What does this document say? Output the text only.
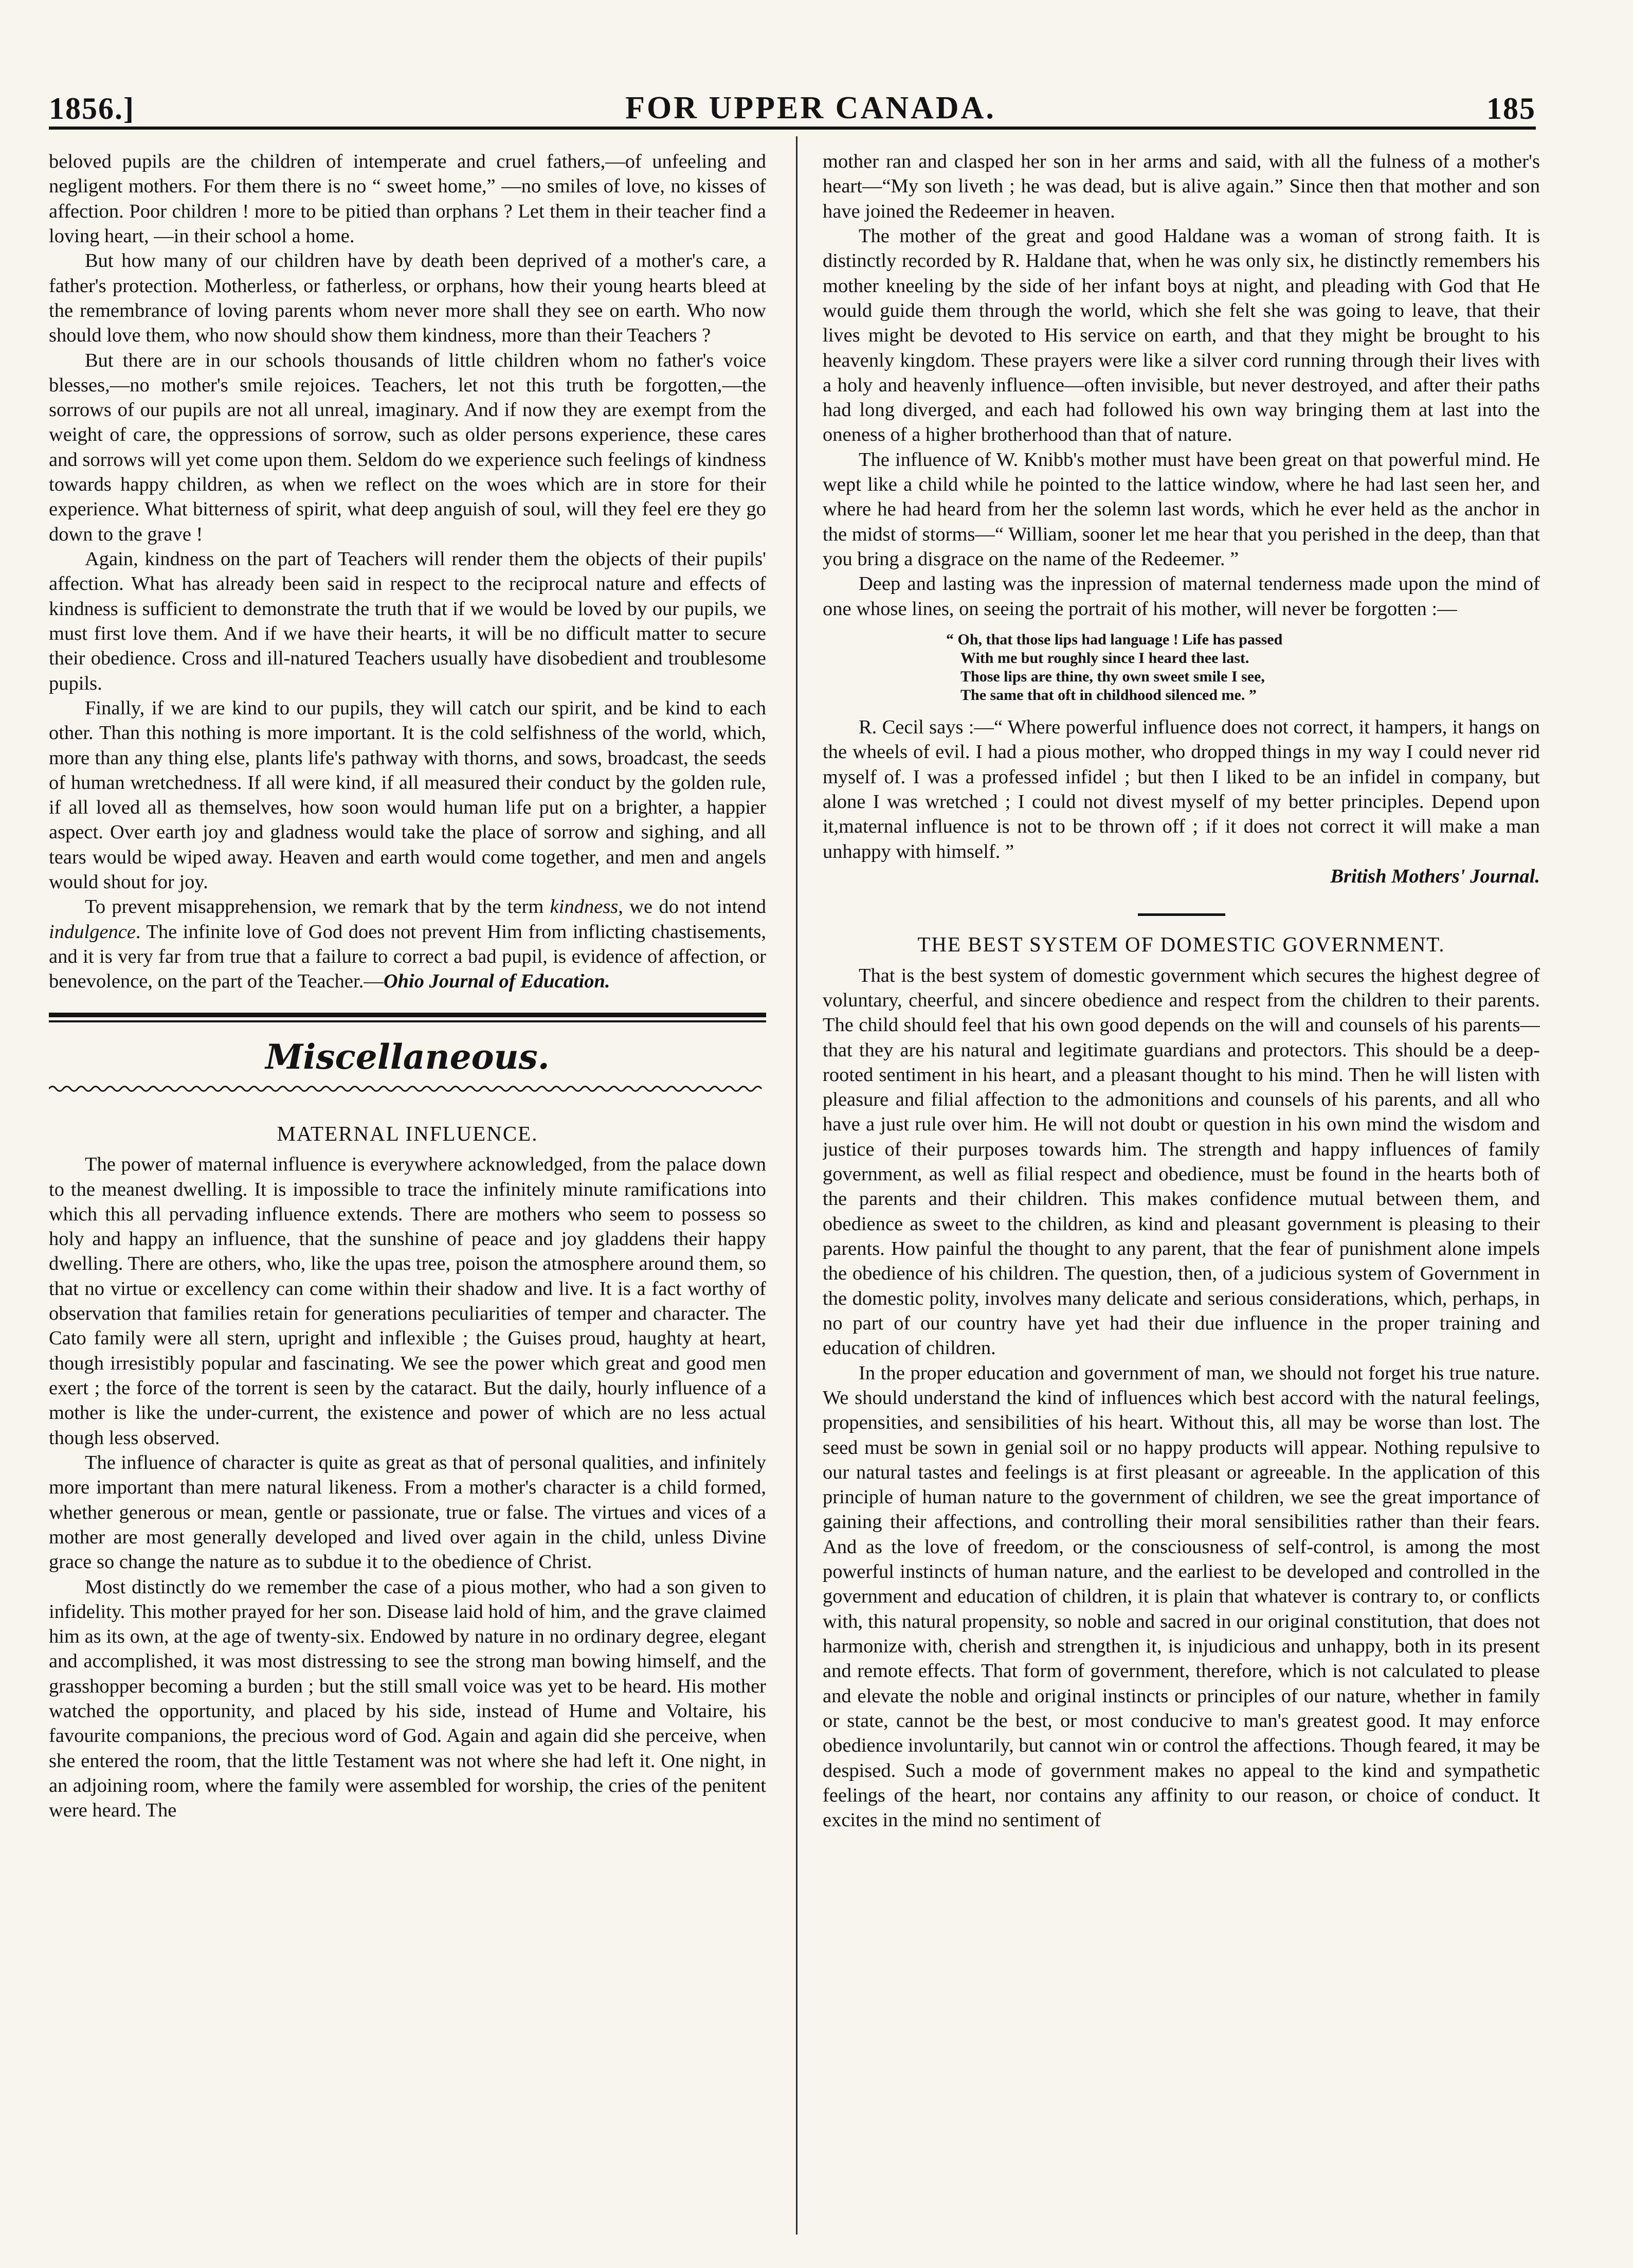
1856.]	FOR UPPER CANADA.	185

beloved pupils are the children of intemperate and cruel fathers,—of unfeeling and negligent mothers. For them there is no “ sweet home,” —no smiles of love, no kisses of affection. Poor children ! more to be pitied than orphans ? Let them in their teacher find a loving heart, —in their school a home.

But how many of our children have by death been deprived of a mother's care, a father's protection. Motherless, or fatherless, or orphans, how their young hearts bleed at the remembrance of loving parents whom never more shall they see on earth. Who now should love them, who now should show them kindness, more than their Teachers ?

But there are in our schools thousands of little children whom no father's voice blesses,—no mother's smile rejoices. Teachers, let not this truth be forgotten,—the sorrows of our pupils are not all unreal, imaginary. And if now they are exempt from the weight of care, the oppressions of sorrow, such as older persons experience, these cares and sorrows will yet come upon them. Seldom do we experience such feelings of kindness towards happy children, as when we reflect on the woes which are in store for their experience. What bitterness of spirit, what deep anguish of soul, will they feel ere they go down to the grave !

Again, kindness on the part of Teachers will render them the objects of their pupils' affection. What has already been said in respect to the reciprocal nature and effects of kindness is sufficient to demonstrate the truth that if we would be loved by our pupils, we must first love them. And if we have their hearts, it will be no difficult matter to secure their obedience. Cross and ill-natured Teachers usually have disobedient and troublesome pupils.

Finally, if we are kind to our pupils, they will catch our spirit, and be kind to each other. Than this nothing is more important. It is the cold selfishness of the world, which, more than any thing else, plants life's pathway with thorns, and sows, broadcast, the seeds of human wretchedness. If all were kind, if all measured their conduct by the golden rule, if all loved all as themselves, how soon would human life put on a brighter, a happier aspect. Over earth joy and gladness would take the place of sorrow and sighing, and all tears would be wiped away. Heaven and earth would come together, and men and angels would shout for joy.

To prevent misapprehension, we remark that by the term kindness, we do not intend indulgence. The infinite love of God does not prevent Him from inflicting chastisements, and it is very far from true that a failure to correct a bad pupil, is evidence of affection, or benevolence, on the part of the Teacher.—Ohio Journal of Education.

Miscellaneous.
MATERNAL INFLUENCE.

The power of maternal influence is everywhere acknowledged, from the palace down to the meanest dwelling. It is impossible to trace the infinitely minute ramifications into which this all pervading influence extends. There are mothers who seem to possess so holy and happy an influence, that the sunshine of peace and joy gladdens their happy dwelling. There are others, who, like the upas tree, poison the atmosphere around them, so that no virtue or excellency can come within their shadow and live. It is a fact worthy of observation that families retain for generations peculiarities of temper and character. The Cato family were all stern, upright and inflexible ; the Guises proud, haughty at heart, though irresistibly popular and fascinating. We see the power which great and good men exert ; the force of the torrent is seen by the cataract. But the daily, hourly influence of a mother is like the under-current, the existence and power of which are no less actual though less observed.

The influence of character is quite as great as that of personal qualities, and infinitely more important than mere natural likeness. From a mother's character is a child formed, whether generous or mean, gentle or passionate, true or false. The virtues and vices of a mother are most generally developed and lived over again in the child, unless Divine grace so change the nature as to subdue it to the obedience of Christ.

Most distinctly do we remember the case of a pious mother, who had a son given to infidelity. This mother prayed for her son. Disease laid hold of him, and the grave claimed him as its own, at the age of twenty-six. Endowed by nature in no ordinary degree, elegant and accomplished, it was most distressing to see the strong man bowing himself, and the grasshopper becoming a burden ; but the still small voice was yet to be heard. His mother watched the opportunity, and placed by his side, instead of Hume and Voltaire, his favourite companions, the precious word of God. Again and again did she perceive, when she entered the room, that the little Testament was not where she had left it. One night, in an adjoining room, where the family were assembled for worship, the cries of the penitent were heard. The

mother ran and clasped her son in her arms and said, with all the fulness of a mother's heart—“My son liveth ; he was dead, but is alive again.” Since then that mother and son have joined the Redeemer in heaven.

The mother of the great and good Haldane was a woman of strong faith. It is distinctly recorded by R. Haldane that, when he was only six, he distinctly remembers his mother kneeling by the side of her infant boys at night, and pleading with God that He would guide them through the world, which she felt she was going to leave, that their lives might be devoted to His service on earth, and that they might be brought to his heavenly kingdom. These prayers were like a silver cord running through their lives with a holy and heavenly influence—often invisible, but never destroyed, and after their paths had long diverged, and each had followed his own way bringing them at last into the oneness of a higher brotherhood than that of nature.

The influence of W. Knibb's mother must have been great on that powerful mind. He wept like a child while he pointed to the lattice window, where he had last seen her, and where he had heard from her the solemn last words, which he ever held as the anchor in the midst of storms—“ William, sooner let me hear that you perished in the deep, than that you bring a disgrace on the name of the Redeemer. ”

Deep and lasting was the inpression of maternal tenderness made upon the mind of one whose lines, on seeing the portrait of his mother, will never be forgotten :—

“ Oh, that those lips had language ! Life has passed
With me but roughly since I heard thee last.
Those lips are thine, thy own sweet smile I see,
The same that oft in childhood silenced me. ”

R. Cecil says :—“ Where powerful influence does not correct, it hampers, it hangs on the wheels of evil. I had a pious mother, who dropped things in my way I could never rid myself of. I was a professed infidel ; but then I liked to be an infidel in company, but alone I was wretched ; I could not divest myself of my better principles. Depend upon it,maternal influence is not to be thrown off ; if it does not correct it will make a man unhappy with himself. ”

British Mothers' Journal.

THE BEST SYSTEM OF DOMESTIC GOVERNMENT.

That is the best system of domestic government which secures the highest degree of voluntary, cheerful, and sincere obedience and respect from the children to their parents. The child should feel that his own good depends on the will and counsels of his parents—that they are his natural and legitimate guardians and protectors. This should be a deep-rooted sentiment in his heart, and a pleasant thought to his mind. Then he will listen with pleasure and filial affection to the admonitions and counsels of his parents, and all who have a just rule over him. He will not doubt or question in his own mind the wisdom and justice of their purposes towards him. The strength and happy influences of family government, as well as filial respect and obedience, must be found in the hearts both of the parents and their children. This makes confidence mutual between them, and obedience as sweet to the children, as kind and pleasant government is pleasing to their parents. How painful the thought to any parent, that the fear of punishment alone impels the obedience of his children. The question, then, of a judicious system of Government in the domestic polity, involves many delicate and serious considerations, which, perhaps, in no part of our country have yet had their due influence in the proper training and education of children.

In the proper education and government of man, we should not forget his true nature. We should understand the kind of influences which best accord with the natural feelings, propensities, and sensibilities of his heart. Without this, all may be worse than lost. The seed must be sown in genial soil or no happy products will appear. Nothing repulsive to our natural tastes and feelings is at first pleasant or agreeable. In the application of this principle of human nature to the government of children, we see the great importance of gaining their affections, and controlling their moral sensibilities rather than their fears. And as the love of freedom, or the consciousness of self-control, is among the most powerful instincts of human nature, and the earliest to be developed and controlled in the government and education of children, it is plain that whatever is contrary to, or conflicts with, this natural propensity, so noble and sacred in our original constitution, that does not harmonize with, cherish and strengthen it, is injudicious and unhappy, both in its present and remote effects. That form of government, therefore, which is not calculated to please and elevate the noble and original instincts or principles of our nature, whether in family or state, cannot be the best, or most conducive to man's greatest good. It may enforce obedience involuntarily, but cannot win or control the affections. Though feared, it may be despised. Such a mode of government makes no appeal to the kind and sympathetic feelings of the heart, nor contains any affinity to our reason, or choice of conduct. It excites in the mind no sentiment of
